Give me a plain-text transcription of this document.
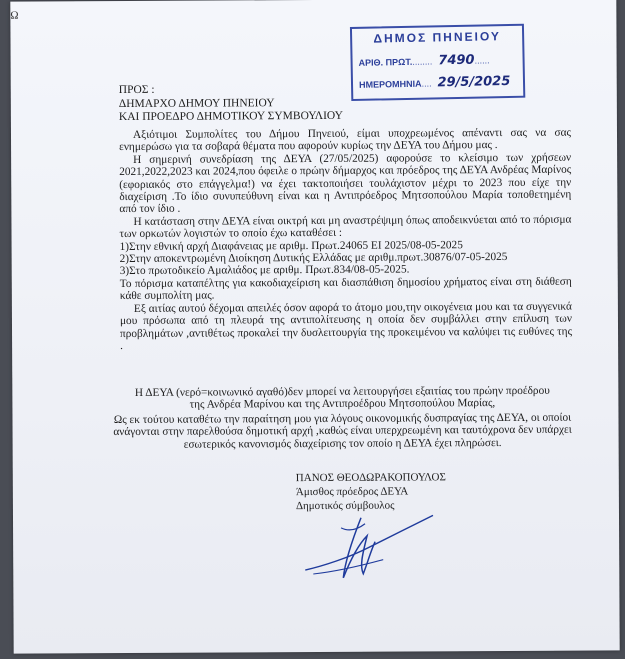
Ω
ΔΗΜΟΣ ΠΗΝΕΙΟΥ
ΑΡΙΘ. ΠΡΩΤ......... 7490......
ΗΜΕΡΟΜΗΝΙΑ.... 29/5/2025
ΠΡΟΣ :
ΔΗΜΑΡΧΟ ΔΗΜΟΥ ΠΗΝΕΙΟΥ
ΚΑΙ ΠΡΟΕΔΡΟ ΔΗΜΟΤΙΚΟΥ ΣΥΜΒΟΥΛΙΟΥ

Αξιότιμοι Συμπολίτες του Δήμου Πηνειού, είμαι υποχρεωμένος απέναντι σας να σας ενημερώσω για τα σοβαρά θέματα που αφορούν κυρίως την ΔΕΥΑ του Δήμου μας .

Η σημερινή συνεδρίαση της ΔΕΥΑ (27/05/2025) αφορούσε το κλείσιμο των χρήσεων 2021,2022,2023 και 2024,που όφειλε ο πρώην δήμαρχος και πρόεδρος της ΔΕΥΑ Ανδρέας Μαρίνος (εφοριακός στο επάγγελμα!) να έχει τακτοποιήσει τουλάχιστον μέχρι το 2023 που είχε την διαχείριση .Το ίδιο συνυπεύθυνη είναι και η Αντιπρόεδρος Μητσοπούλου Μαρία τοποθετημένη από τον ίδιο .

Η κατάσταση στην ΔΕΥΑ είναι οικτρή και μη αναστρέψιμη όπως αποδεικνύεται από το πόρισμα των ορκωτών λογιστών το οποίο έχω καταθέσει :

1)Στην εθνική αρχή Διαφάνειας με αριθμ. Πρωτ.24065 ΕΙ 2025/08-05-2025

2)Στην αποκεντρωμένη Διοίκηση Δυτικής Ελλάδας με αριθμ.πρωτ.30876/07-05-2025

3)Στο πρωτοδικείο Αμαλιάδος με αριθμ. Πρωτ.834/08-05-2025.

Το πόρισμα καταπέλτης για κακοδιαχείριση και διασπάθιση δημοσίου χρήματος είναι στη διάθεση κάθε συμπολίτη μας.

Εξ αιτίας αυτού δέχομαι απειλές όσον αφορά το άτομο μου,την οικογένεια μου και τα συγγενικά μου πρόσωπα από τη πλευρά της αντιπολίτευσης η οποία δεν συμβάλλει στην επίλυση των προβλημάτων ,αντιθέτως προκαλεί την δυσλειτουργία της προκειμένου να καλύψει τις ευθύνες της .

Η ΔΕΥΑ (νερό=κοινωνικό αγαθό)δεν μπορεί να λειτουργήσει εξαιτίας του πρώην προέδρου

της Ανδρέα Μαρίνου και της Αντιπροέδρου Μητσοπούλου Μαρίας,

Ως εκ τούτου καταθέτω την παραίτηση μου για λόγους οικονομικής δυσπραγίας της ΔΕΥΑ, οι οποίοι ανάγονται στην παρελθούσα δημοτική αρχή ,καθώς είναι υπερχρεωμένη και ταυτόχρονα δεν υπάρχει εσωτερικός κανονισμός διαχείρισης τον οποίο η ΔΕΥΑ έχει πληρώσει.

ΠΑΝΟΣ ΘΕΟΔΩΡΑΚΟΠΟΥΛΟΣ
Άμισθος πρόεδρος ΔΕΥΑ
Δημοτικός σύμβουλος
